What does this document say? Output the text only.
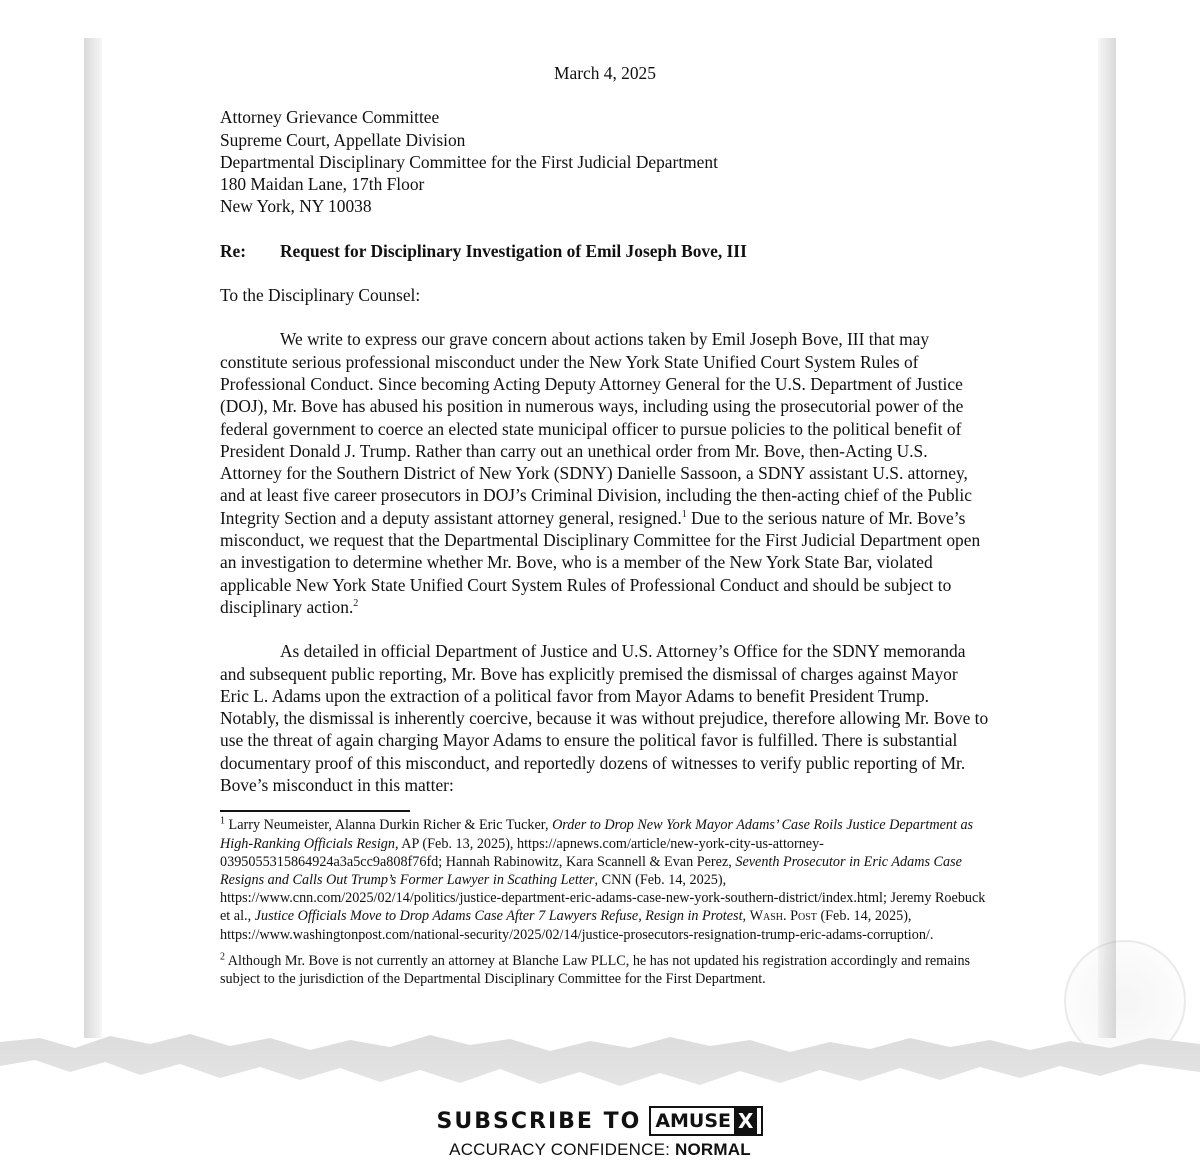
March 4, 2025
Attorney Grievance Committee
Supreme Court, Appellate Division
Departmental Disciplinary Committee for the First Judicial Department
180 Maidan Lane, 17th Floor
New York, NY 10038
Re: Request for Disciplinary Investigation of Emil Joseph Bove, III
To the Disciplinary Counsel:
We write to express our grave concern about actions taken by Emil Joseph Bove, III that may constitute serious professional misconduct under the New York State Unified Court System Rules of Professional Conduct. Since becoming Acting Deputy Attorney General for the U.S. Department of Justice (DOJ), Mr. Bove has abused his position in numerous ways, including using the prosecutorial power of the federal government to coerce an elected state municipal officer to pursue policies to the political benefit of President Donald J. Trump. Rather than carry out an unethical order from Mr. Bove, then-Acting U.S. Attorney for the Southern District of New York (SDNY) Danielle Sassoon, a SDNY assistant U.S. attorney, and at least five career prosecutors in DOJ’s Criminal Division, including the then-acting chief of the Public Integrity Section and a deputy assistant attorney general, resigned.$^1$ Due to the serious nature of Mr. Bove’s misconduct, we request that the Departmental Disciplinary Committee for the First Judicial Department open an investigation to determine whether Mr. Bove, who is a member of the New York State Bar, violated applicable New York State Unified Court System Rules of Professional Conduct and should be subject to disciplinary action.$^2$
As detailed in official Department of Justice and U.S. Attorney’s Office for the SDNY memoranda and subsequent public reporting, Mr. Bove has explicitly premised the dismissal of charges against Mayor Eric L. Adams upon the extraction of a political favor from Mayor Adams to benefit President Trump. Notably, the dismissal is inherently coercive, because it was without prejudice, therefore allowing Mr. Bove to use the threat of again charging Mayor Adams to ensure the political favor is fulfilled. There is substantial documentary proof of this misconduct, and reportedly dozens of witnesses to verify public reporting of Mr. Bove’s misconduct in this matter:
$^1$ Larry Neumeister, Alanna Durkin Richer & Eric Tucker, Order to Drop New York Mayor Adams’ Case Roils Justice Department as High-Ranking Officials Resign, AP (Feb. 13, 2025), https://apnews.com/article/new-york-city-us-attorney-0395055315864924a3a5cc9a808f76fd; Hannah Rabinowitz, Kara Scannell & Evan Perez, Seventh Prosecutor in Eric Adams Case Resigns and Calls Out Trump’s Former Lawyer in Scathing Letter, CNN (Feb. 14, 2025), https://www.cnn.com/2025/02/14/politics/justice-department-eric-adams-case-new-york-southern-district/index.html; Jeremy Roebuck et al., Justice Officials Move to Drop Adams Case After 7 Lawyers Refuse, Resign in Protest, Wash. Post (Feb. 14, 2025), https://www.washingtonpost.com/national-security/2025/02/14/justice-prosecutors-resignation-trump-eric-adams-corruption/.
$^2$ Although Mr. Bove is not currently an attorney at Blanche Law PLLC, he has not updated his registration accordingly and remains subject to the jurisdiction of the Departmental Disciplinary Committee for the First Department.
SUBSCRIBE TO AMUSE X
ACCURACY CONFIDENCE: NORMAL
